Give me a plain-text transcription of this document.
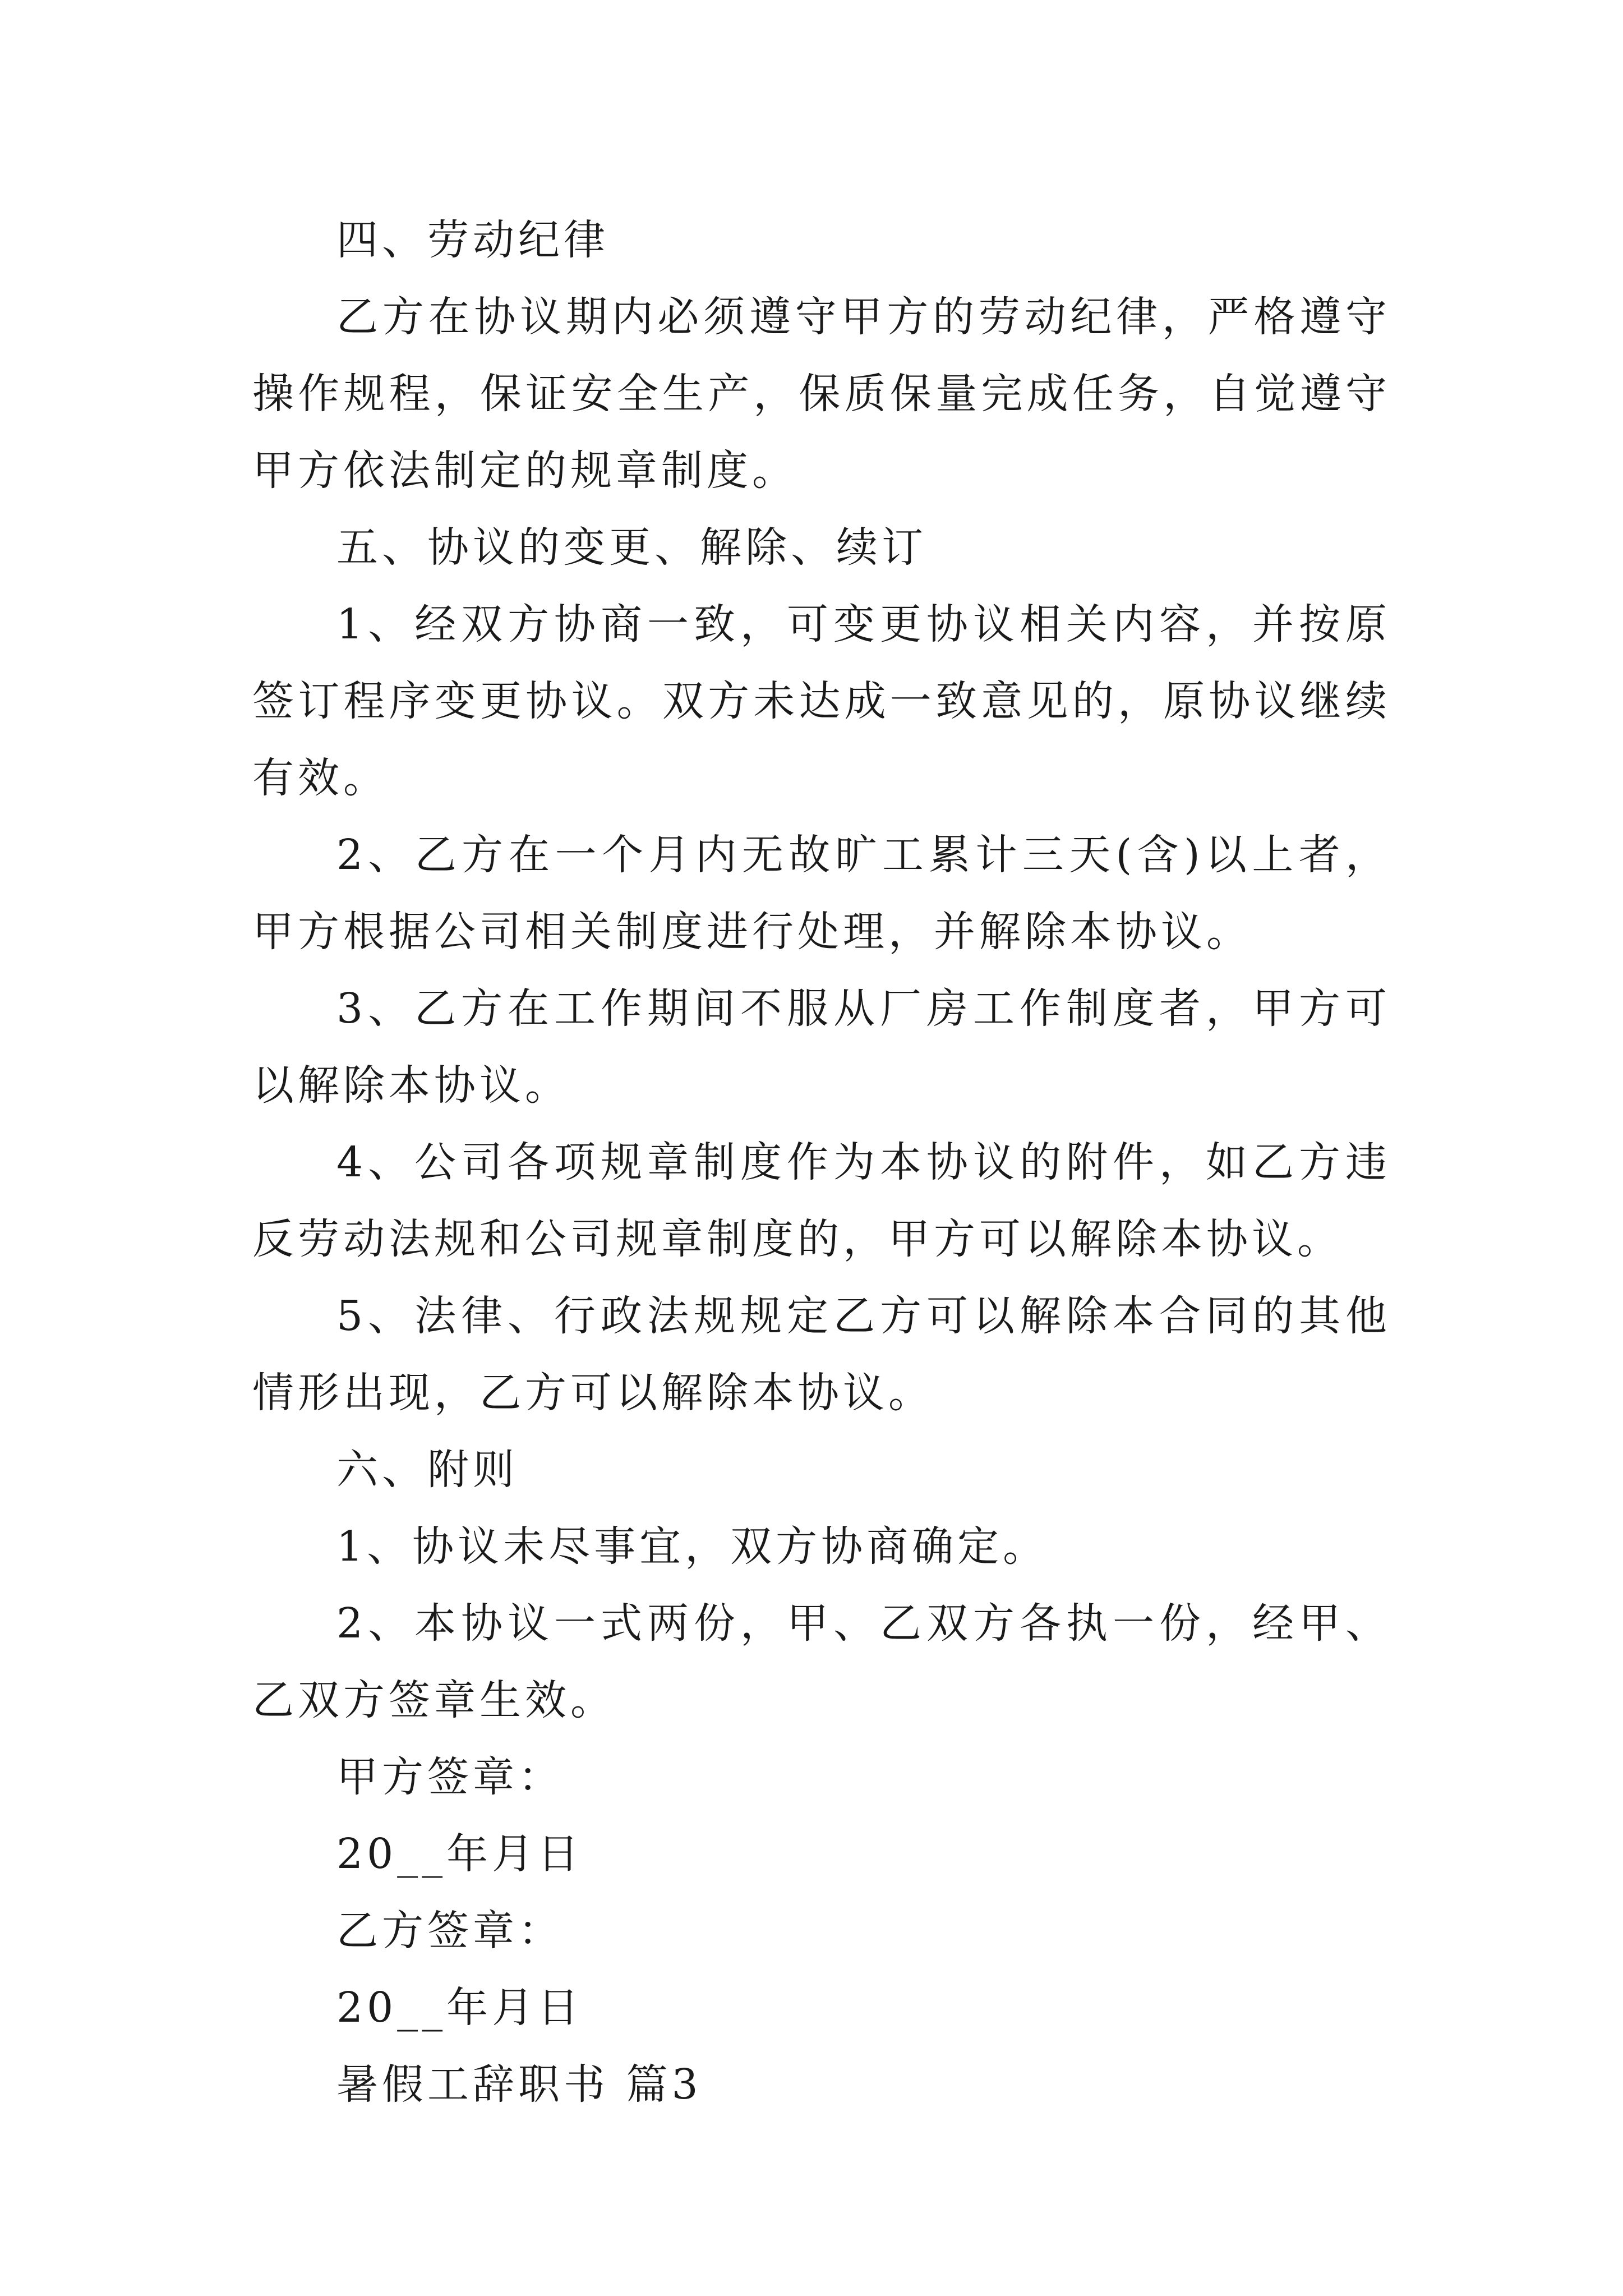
四、劳动纪律

乙方在协议期内必须遵守甲方的劳动纪律，严格遵守操作规程，保证安全生产，保质保量完成任务，自觉遵守甲方依法制定的规章制度。

五、协议的变更、解除、续订

1、经双方协商一致，可变更协议相关内容，并按原签订程序变更协议。双方未达成一致意见的，原协议继续有效。

2、乙方在一个月内无故旷工累计三天(含)以上者，甲方根据公司相关制度进行处理，并解除本协议。

3、乙方在工作期间不服从厂房工作制度者，甲方可以解除本协议。

4、公司各项规章制度作为本协议的附件，如乙方违反劳动法规和公司规章制度的，甲方可以解除本协议。

5、法律、行政法规规定乙方可以解除本合同的其他情形出现，乙方可以解除本协议。

六、附则

1、协议未尽事宜，双方协商确定。

2、本协议一式两份，甲、乙双方各执一份，经甲、乙双方签章生效。

甲方签章：

20__年月日

乙方签章：

20__年月日

暑假工辞职书 篇3
